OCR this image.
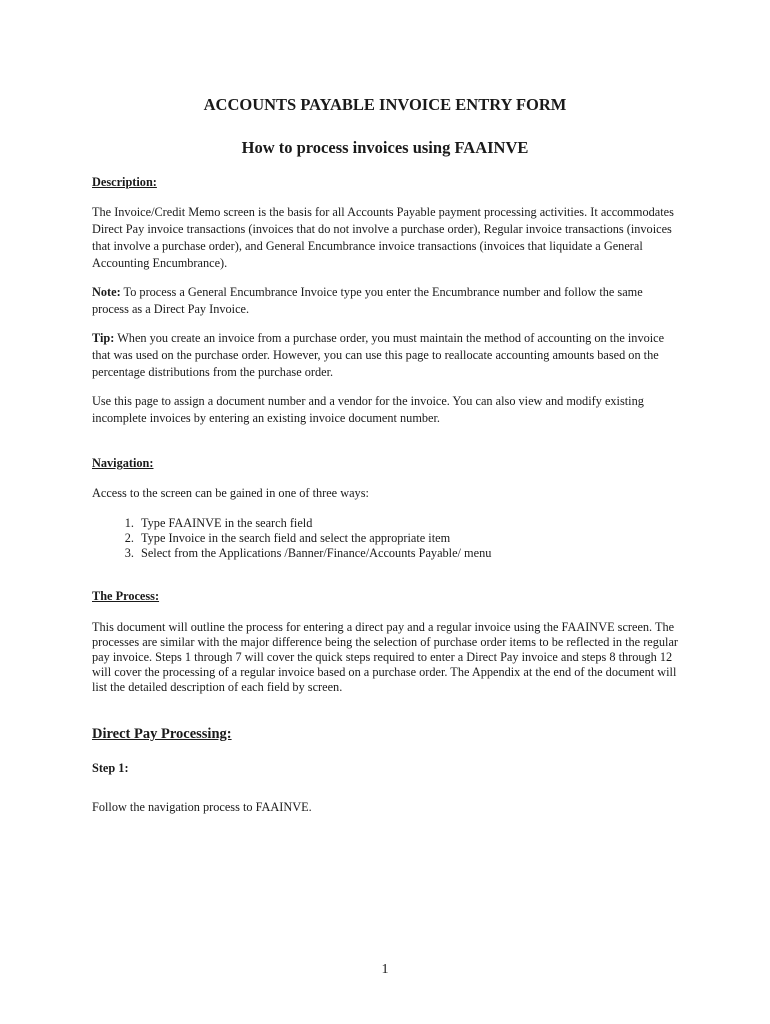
ACCOUNTS PAYABLE INVOICE ENTRY FORM
How to process invoices using FAAINVE

Description:

The Invoice/Credit Memo screen is the basis for all Accounts Payable payment processing activities. It accommodates Direct Pay invoice transactions (invoices that do not involve a purchase order), Regular invoice transactions (invoices that involve a purchase order), and General Encumbrance invoice transactions (invoices that liquidate a General Accounting Encumbrance).

Note: To process a General Encumbrance Invoice type you enter the Encumbrance number and follow the same process as a Direct Pay Invoice.

Tip: When you create an invoice from a purchase order, you must maintain the method of accounting on the invoice that was used on the purchase order. However, you can use this page to reallocate accounting amounts based on the percentage distributions from the purchase order.

Use this page to assign a document number and a vendor for the invoice. You can also view and modify existing incomplete invoices by entering an existing invoice document number.

Navigation:

Access to the screen can be gained in one of three ways:

1. Type FAAINVE in the search field
2. Type Invoice in the search field and select the appropriate item
3. Select from the Applications /Banner/Finance/Accounts Payable/ menu

The Process:

This document will outline the process for entering a direct pay and a regular invoice using the FAAINVE screen. The processes are similar with the major difference being the selection of purchase order items to be reflected in the regular pay invoice. Steps 1 through 7 will cover the quick steps required to enter a Direct Pay invoice and steps 8 through 12 will cover the processing of a regular invoice based on a purchase order. The Appendix at the end of the document will list the detailed description of each field by screen.

Direct Pay Processing:

Step 1:

Follow the navigation process to FAAINVE.

1
